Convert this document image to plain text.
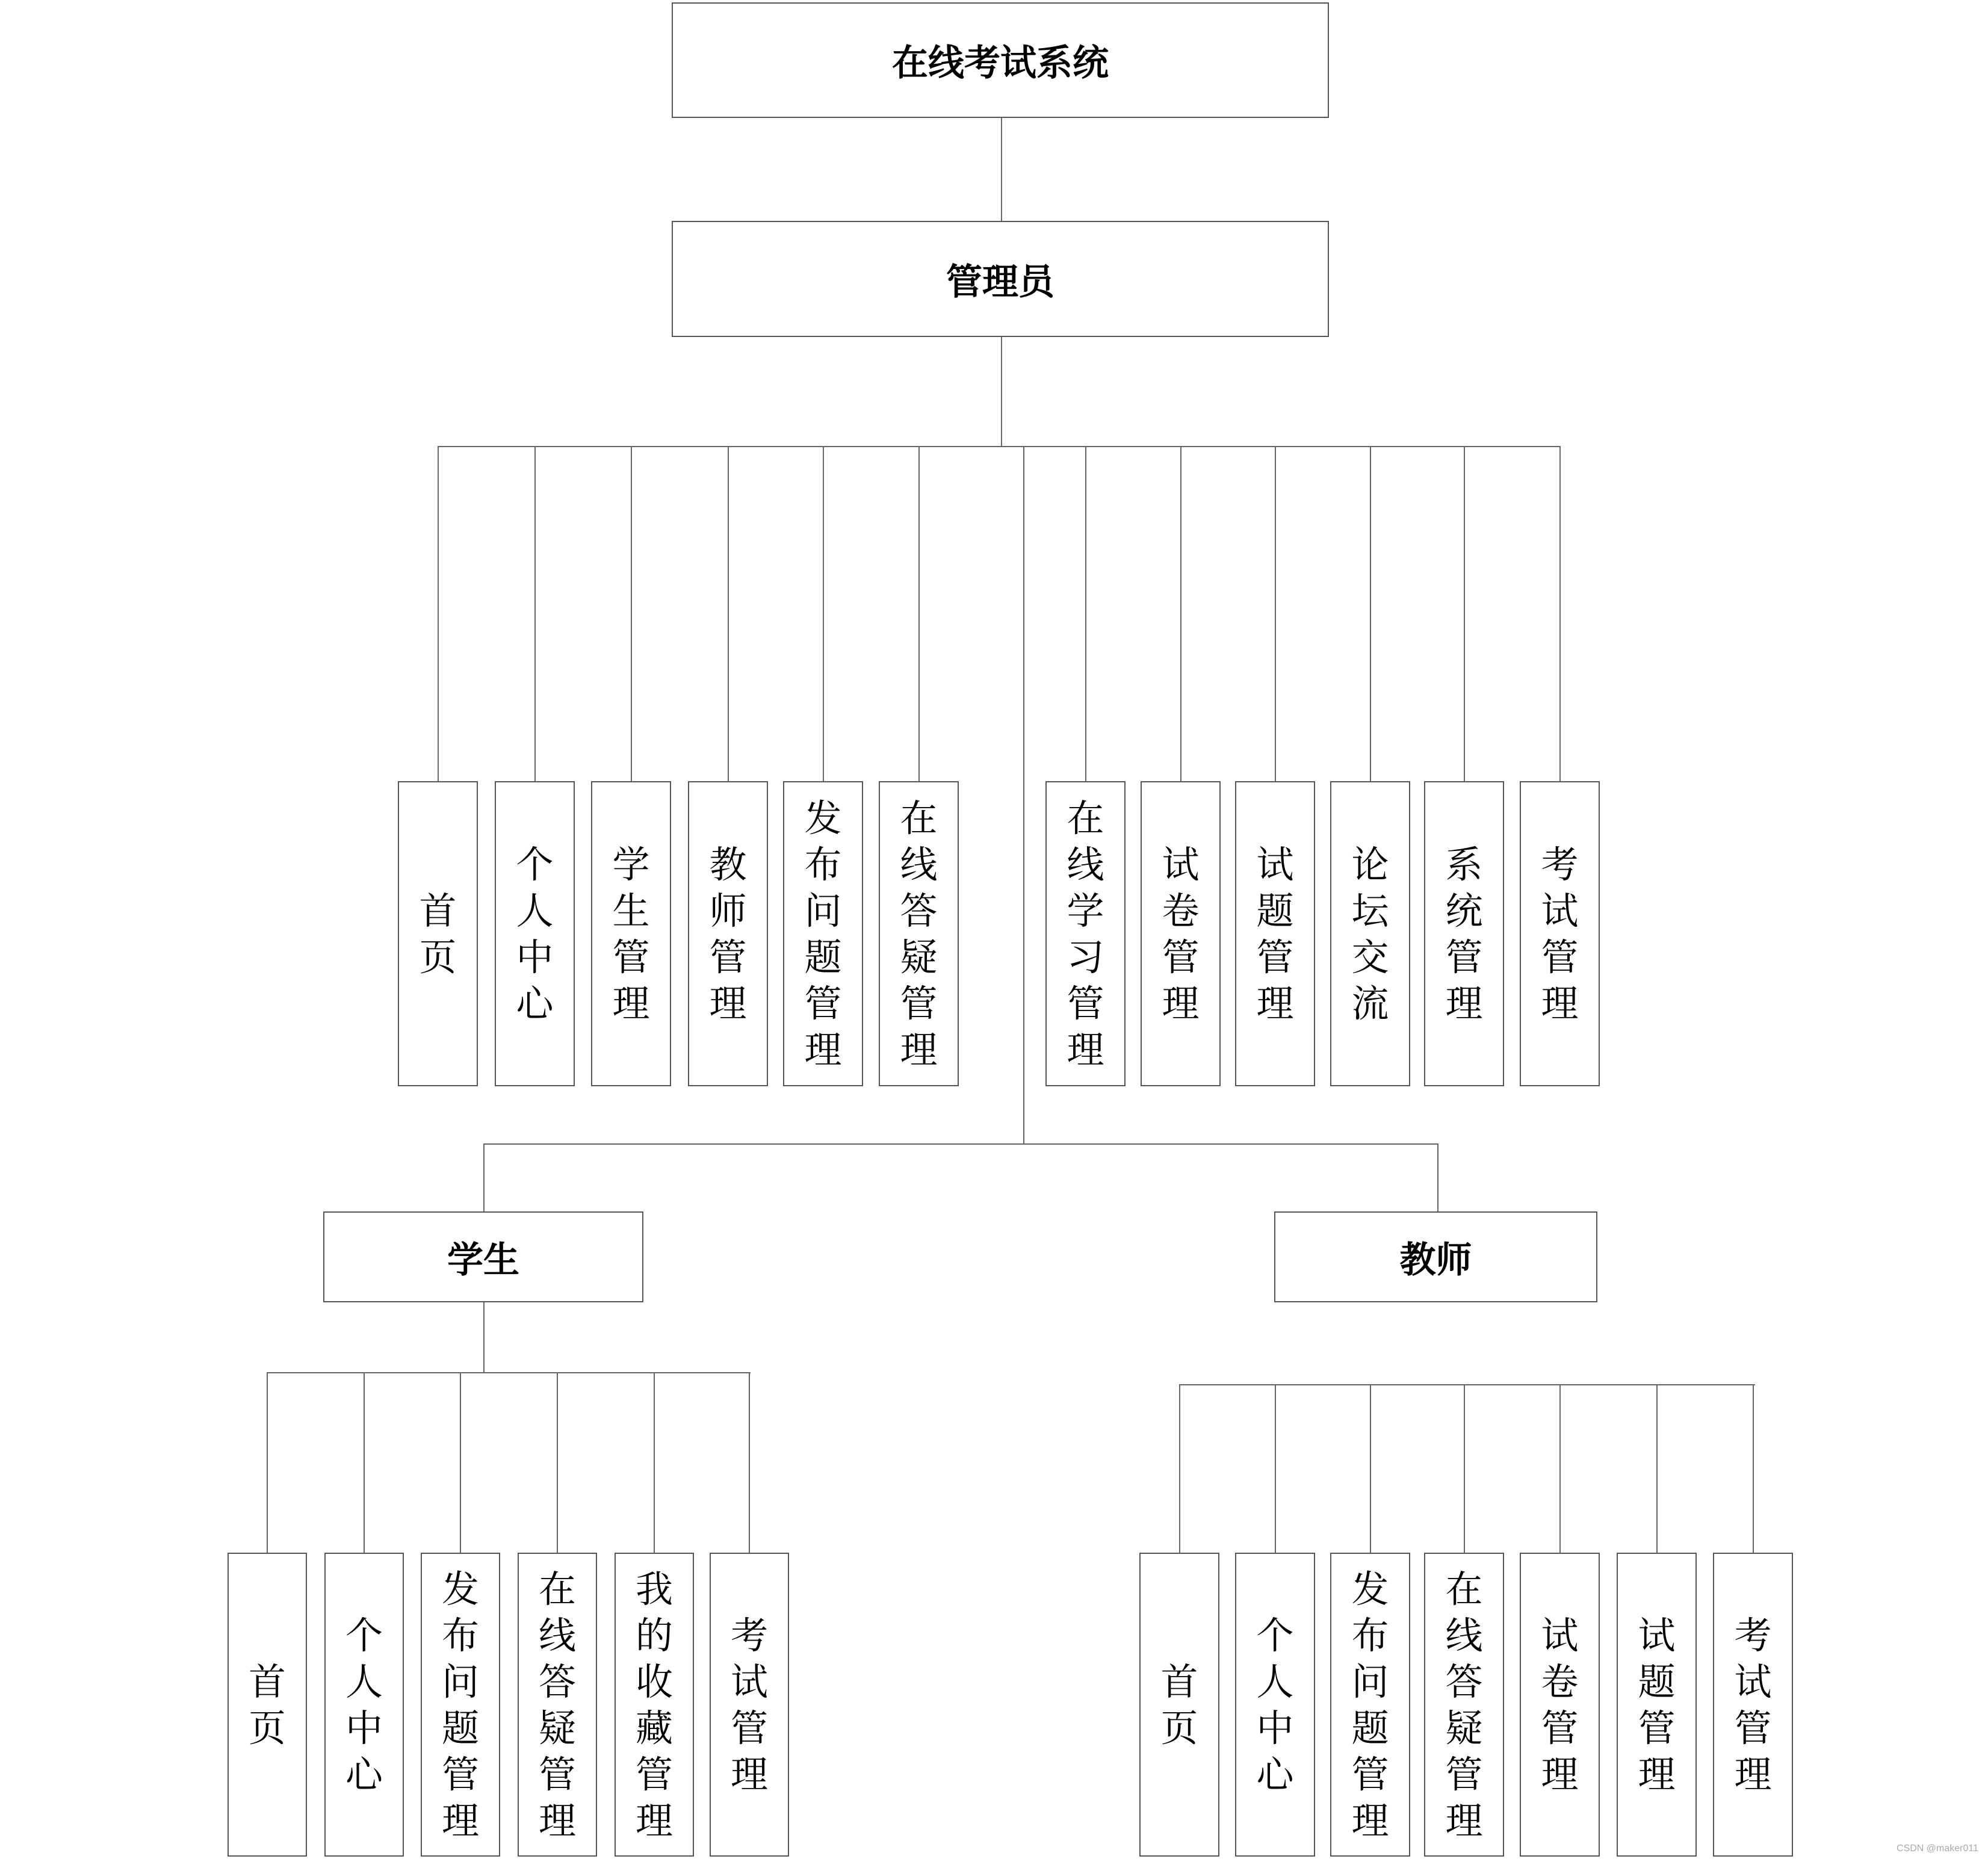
在线考试系统
管理员
首
页
个
人
中
心
学
生
管
理
教
师
管
理
发
布
问
题
管
理
在
线
答
疑
管
理
在
线
学
习
管
理
试
卷
管
理
试
题
管
理
论
坛
交
流
系
统
管
理
考
试
管
理
学生
首
页
个
人
中
心
发
布
问
题
管
理
在
线
答
疑
管
理
我
的
收
藏
管
理
考
试
管
理
教师
首
页
个
人
中
心
发
布
问
题
管
理
在
线
答
疑
管
理
试
卷
管
理
试
题
管
理
考
试
管
理
CSDN @maker011
